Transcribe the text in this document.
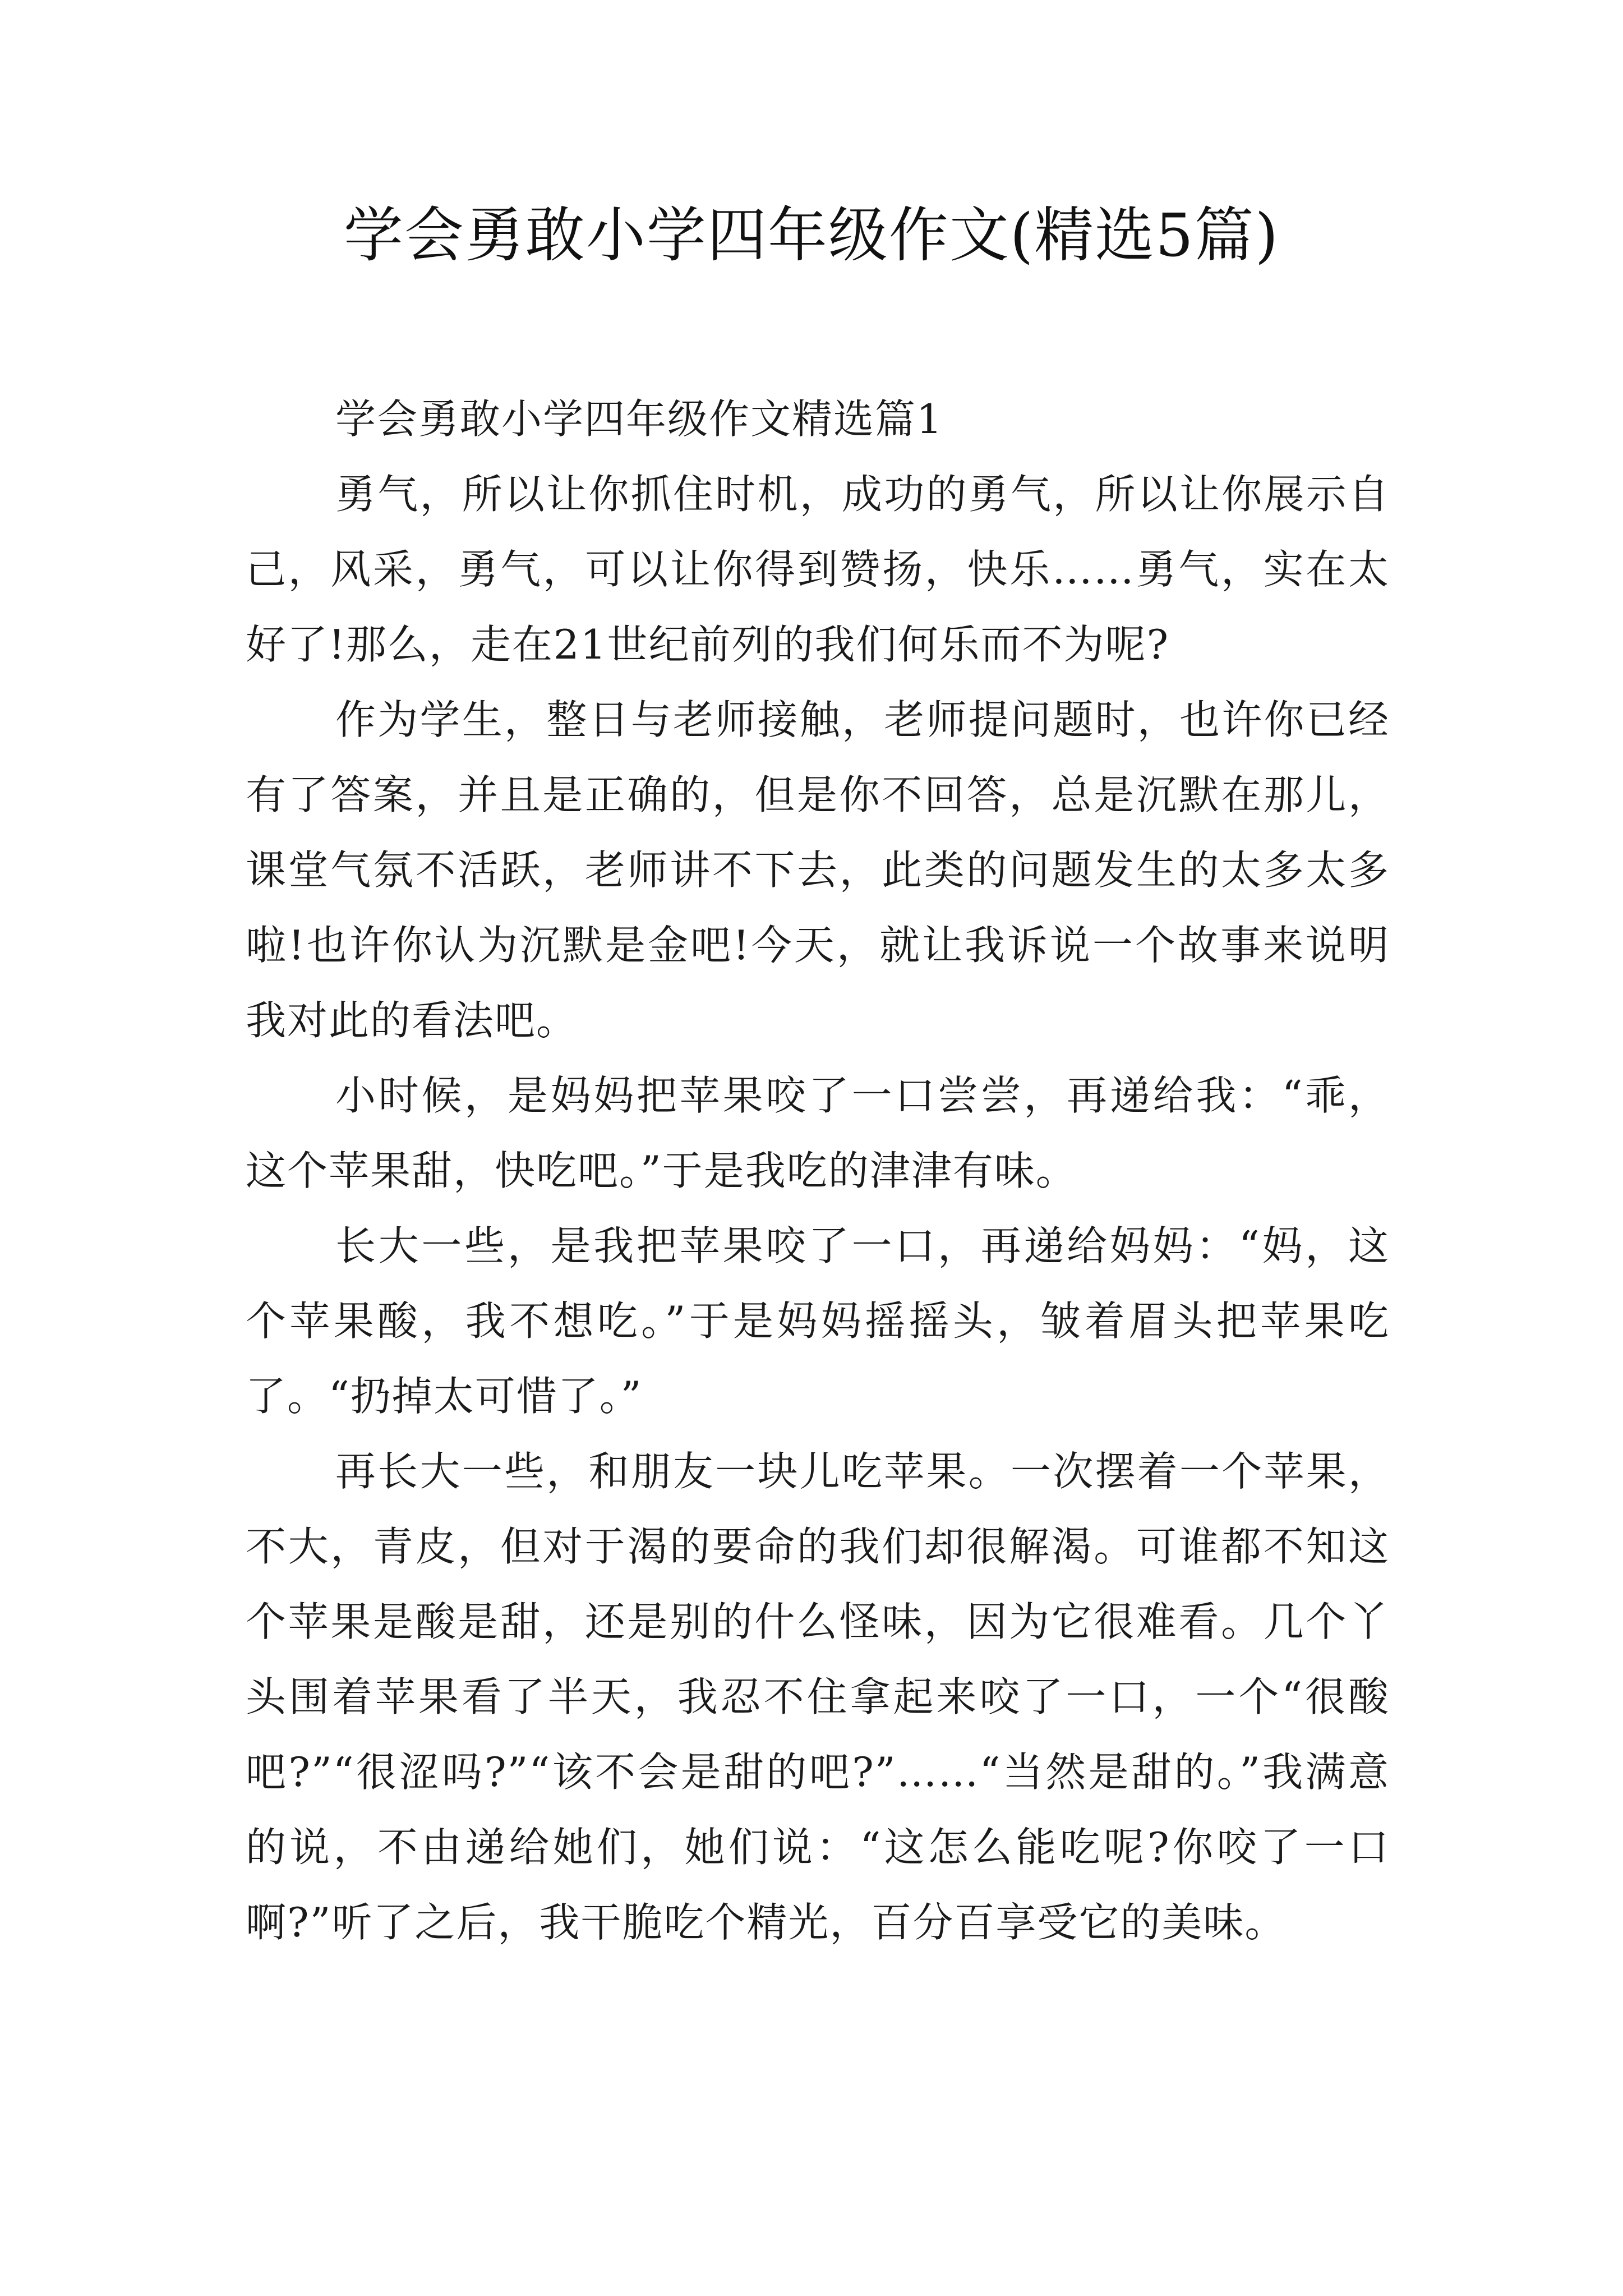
学会勇敢小学四年级作文(精选5篇)

学会勇敢小学四年级作文精选篇1

勇气，所以让你抓住时机，成功的勇气，所以让你展示自己，风采，勇气，可以让你得到赞扬，快乐……勇气，实在太好了!那么，走在21世纪前列的我们何乐而不为呢?

作为学生，整日与老师接触，老师提问题时，也许你已经有了答案，并且是正确的，但是你不回答，总是沉默在那儿，课堂气氛不活跃，老师讲不下去，此类的问题发生的太多太多啦!也许你认为沉默是金吧!今天，就让我诉说一个故事来说明我对此的看法吧。

小时候，是妈妈把苹果咬了一口尝尝，再递给我：“乖，这个苹果甜，快吃吧。”于是我吃的津津有味。

长大一些，是我把苹果咬了一口，再递给妈妈：“妈，这个苹果酸，我不想吃。”于是妈妈摇摇头，皱着眉头把苹果吃了。“扔掉太可惜了。”

再长大一些，和朋友一块儿吃苹果。一次摆着一个苹果，不大，青皮，但对于渴的要命的我们却很解渴。可谁都不知这个苹果是酸是甜，还是别的什么怪味，因为它很难看。几个丫头围着苹果看了半天，我忍不住拿起来咬了一口，一个“很酸吧?”“很涩吗?”“该不会是甜的吧?”……“当然是甜的。”我满意的说，不由递给她们，她们说：“这怎么能吃呢?你咬了一口啊?”听了之后，我干脆吃个精光，百分百享受它的美味。
